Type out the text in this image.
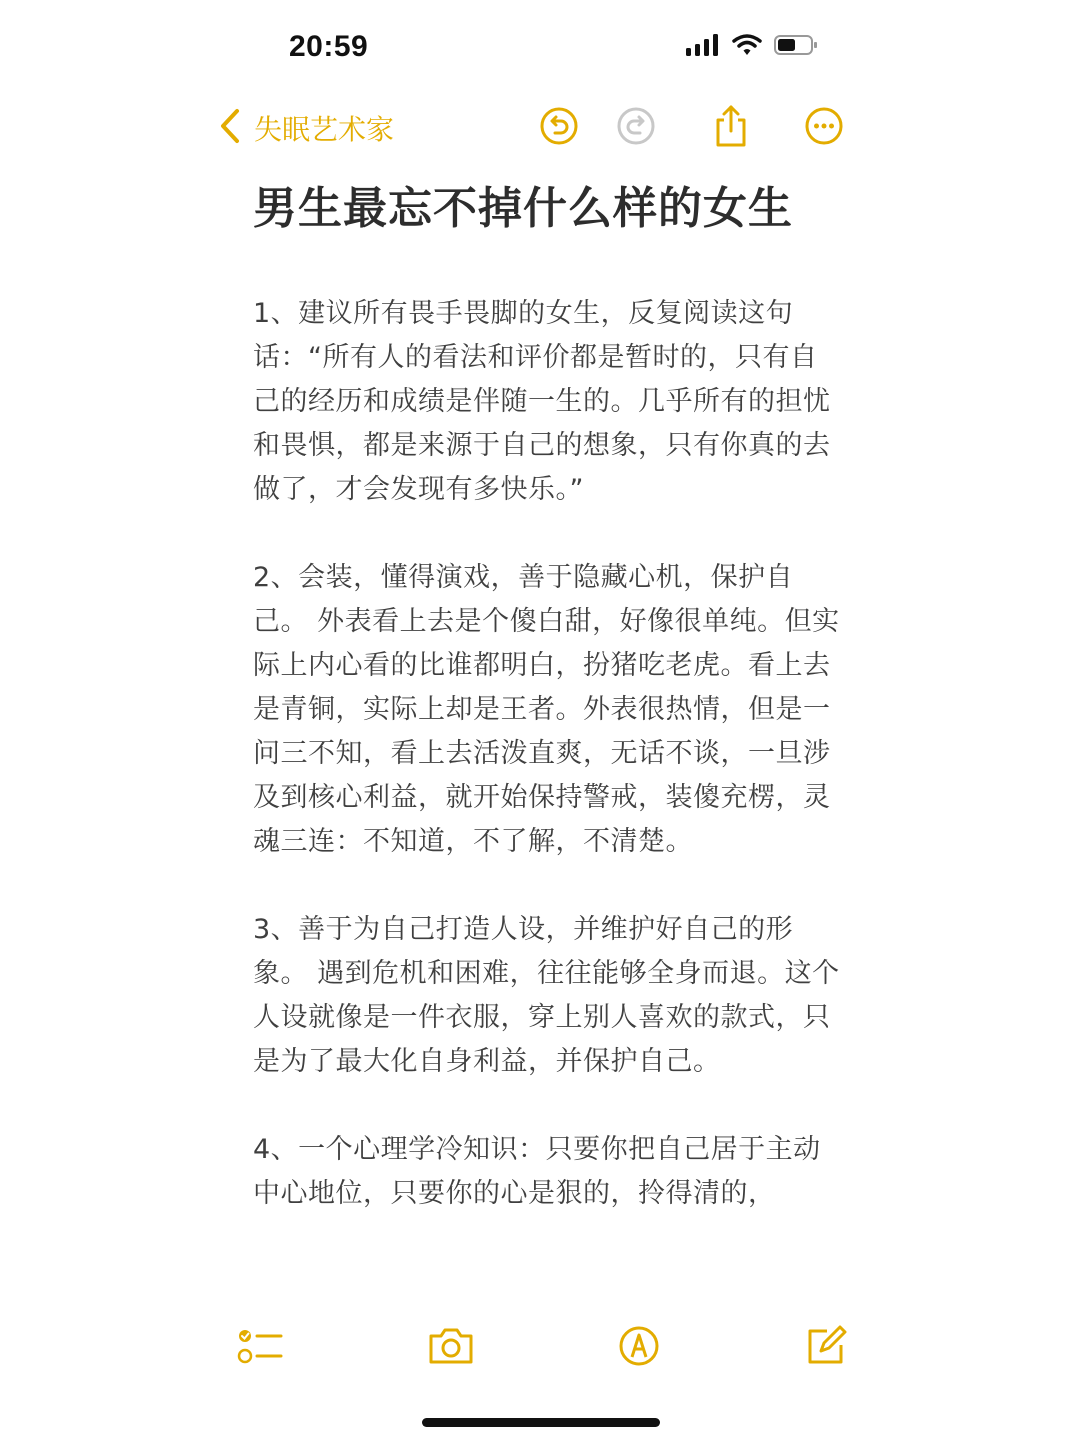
20:59
失眠艺术家
男生最忘不掉什么样的女生

1、建议所有畏手畏脚的女生，反复阅读这句话：“所有人的看法和评价都是暂时的，只有自己的经历和成绩是伴随一生的。几乎所有的担忧和畏惧，都是来源于自己的想象，只有你真的去做了，才会发现有多快乐。”

2、会装，懂得演戏，善于隐藏心机，保护自己。 外表看上去是个傻白甜，好像很单纯。但实际上内心看的比谁都明白，扮猪吃老虎。看上去是青铜，实际上却是王者。外表很热情，但是一问三不知，看上去活泼直爽，无话不谈，一旦涉及到核心利益，就开始保持警戒，装傻充楞，灵魂三连：不知道，不了解，不清楚。

3、善于为自己打造人设，并维护好自己的形象。 遇到危机和困难，往往能够全身而退。这个人设就像是一件衣服，穿上别人喜欢的款式，只是为了最大化自身利益，并保护自己。

4、一个心理学冷知识：只要你把自己居于主动中心地位，只要你的心是狠的，拎得清的，
